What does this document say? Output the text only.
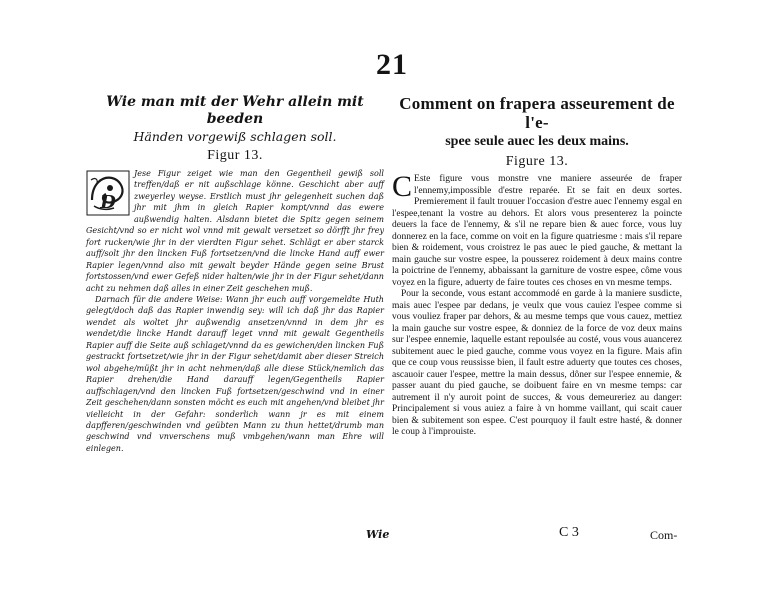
21
Wie man mit der Wehr allein mit beeden
Händen vorgewiß schlagen soll.
Figur 13.
D
Jese Figur zeiget wie man den Gegentheil gewiß soll treffen/daß er nit außschlage könne. Geschicht aber auff zweyerley weyse. Erstlich must jhr gelegenheit suchen daß jhr mit jhm in gleich Rapier kompt/vnnd das ewere außwendig halten. Alsdann bietet die Spitz gegen seinem Gesicht/vnd so er nicht wol vnnd mit gewalt versetzet so dörfft jhr frey fort rucken/wie jhr in der vierdten Figur sehet. Schlägt er aber starck auff/solt jhr den lincken Fuß fortsetzen/vnd die lincke Hand auff ewer Rapier legen/vnnd also mit gewalt beyder Hände gegen seine Brust fortstossen/vnd ewer Gefeß nider halten/wie jhr in der Figur sehet/dann acht zu nehmen daß alles in einer Zeit geschehen muß.
Darnach für die andere Weise: Wann jhr euch auff vorgemeldte Huth gelegt/doch daß das Rapier inwendig sey: will ich daß jhr das Rapier wendet als woltet jhr außwendig ansetzen/vnnd in dem jhr es wendet/die lincke Handt darauff leget vnnd mit gewalt Gegentheils Rapier auff die Seite auß schlaget/vnnd da es gewichen/den lincken Fuß gestrackt fortsetzet/wie jhr in der Figur sehet/damit aber dieser Streich wol abgehe/müßt jhr in acht nehmen/daß alle diese Stück/nemlich das Rapier drehen/die Hand darauff legen/Gegentheils Rapier auffschlagen/vnd den lincken Fuß fortsetzen/geschwind vnd in einer Zeit geschehen/dann sonsten möcht es euch mit angehen/vnd bleibet jhr vielleicht in der Gefahr: sonderlich wann jr es mit einem dapfferen/geschwinden vnd geübten Mann zu thun hettet/drumb man geschwind vnd vnverschens muß vmbgehen/wann man Ehre will einlegen.
Comment on frapera asseurement de l'e-
spee seule auec les deux mains.
Figure 13.
C Este figure vous monstre vne maniere asseurée de fraper l'ennemy,impossible d'estre reparée. Et se fait en deux sortes. Premierement il fault trouuer l'occasion d'estre auec l'ennemy esgal en l'espee,tenant la vostre au dehors. Et alors vous presenterez la poincte deuers la face de l'ennemy, & s'il ne repare bien & auec force, vous luy donnerez en la face, comme on voit en la figure quatriesme : mais s'il repare bien & roidement, vous croistrez le pas auec le pied gauche, & mettant la main gauche sur vostre espee, la pousserez roidement à deux mains contre la poictrine de l'ennemy, abbaissant la garniture de vostre espee, côme vous voyez en la figure, aduerty de faire toutes ces choses en vn mesme temps.
Pour la seconde, vous estant accommodé en garde à la maniere susdicte, mais auec l'espee par dedans, je veulx que vous cauiez l'espee comme si vous vouliez fraper par dehors, & au mesme temps que vous cauez, mettiez la main gauche sur vostre espee, & donniez de la force de voz deux mains sur l'espee ennemie, laquelle estant repoulsée au costé, vous vous auancerez subitement auec le pied gauche, comme vous voyez en la figure. Mais afin que ce coup vous reussisse bien, il fault estre aduerty que toutes ces choses, ascauoir cauer l'espee, mettre la main dessus, dôner sur l'espee ennemie, & passer auant du pied gauche, se doibuent faire en vn mesme temps: car autrement il n'y auroit point de succes, & vous demeureriez au danger: Principalement si vous auiez a faire à vn homme vaillant, qui scait cauer bien & subitement son espee. C'est pourquoy il fault estre hasté, & donner le coup à l'improuiste.
Wie	C 3	Com-
